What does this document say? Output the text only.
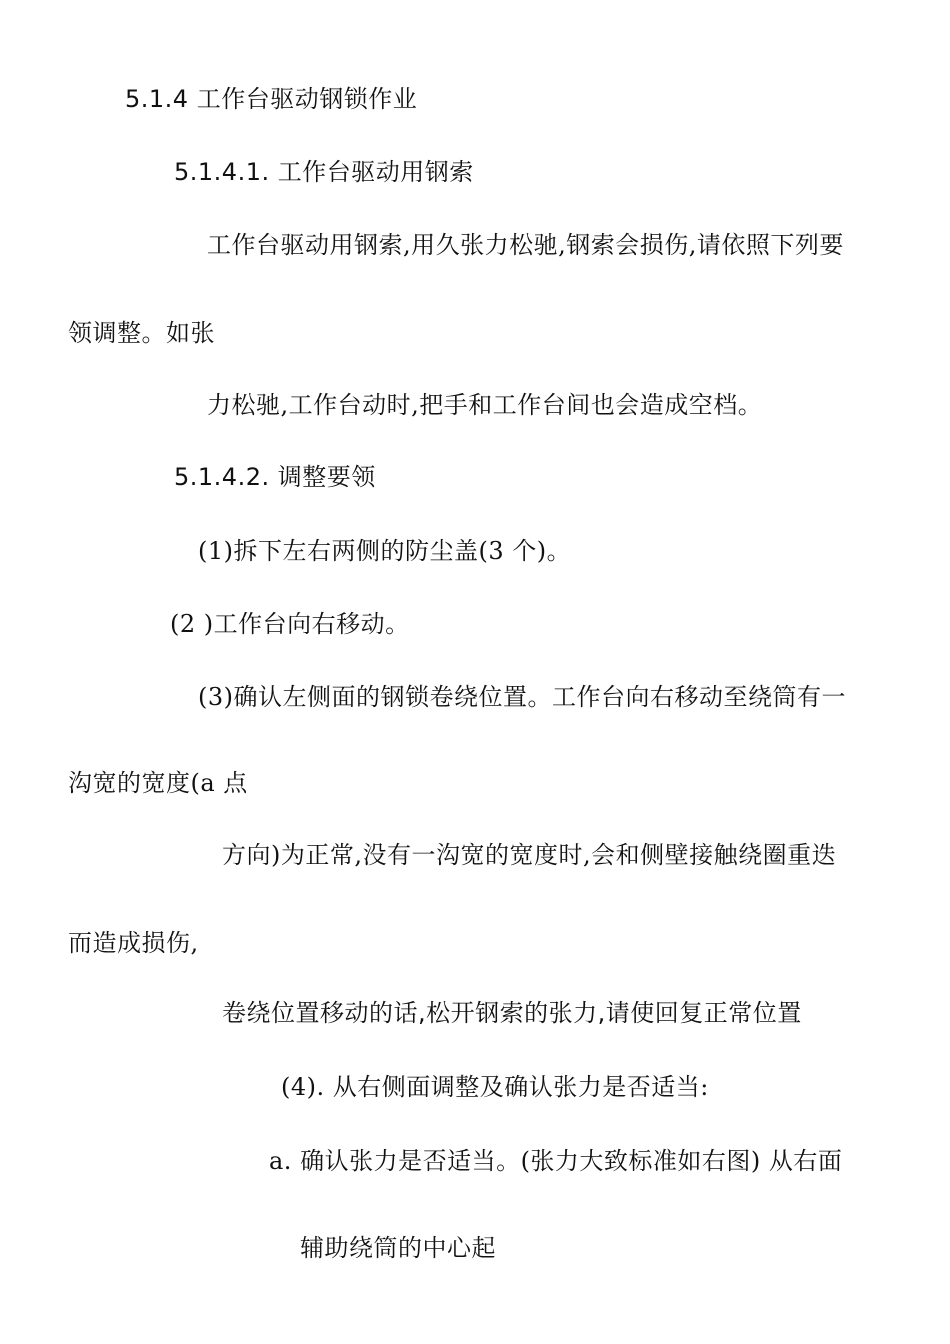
5.1.4 工作台驱动钢锁作业
5.1.4.1. 工作台驱动用钢索
工作台驱动用钢索,用久张力松驰,钢索会损伤,请依照下列要
领调整。如张
力松驰,工作台动时,把手和工作台间也会造成空档。
5.1.4.2. 调整要领
(1)拆下左右两侧的防尘盖(3 个)。
(2 )工作台向右移动。
(3)确认左侧面的钢锁卷绕位置。工作台向右移动至绕筒有一
沟宽的宽度(a 点
方向)为正常,没有一沟宽的宽度时,会和侧壁接触绕圈重迭
而造成损伤,
卷绕位置移动的话,松开钢索的张力,请使回复正常位置
(4). 从右侧面调整及确认张力是否适当:
a. 确认张力是否适当。(张力大致标准如右图) 从右面
辅助绕筒的中心起
